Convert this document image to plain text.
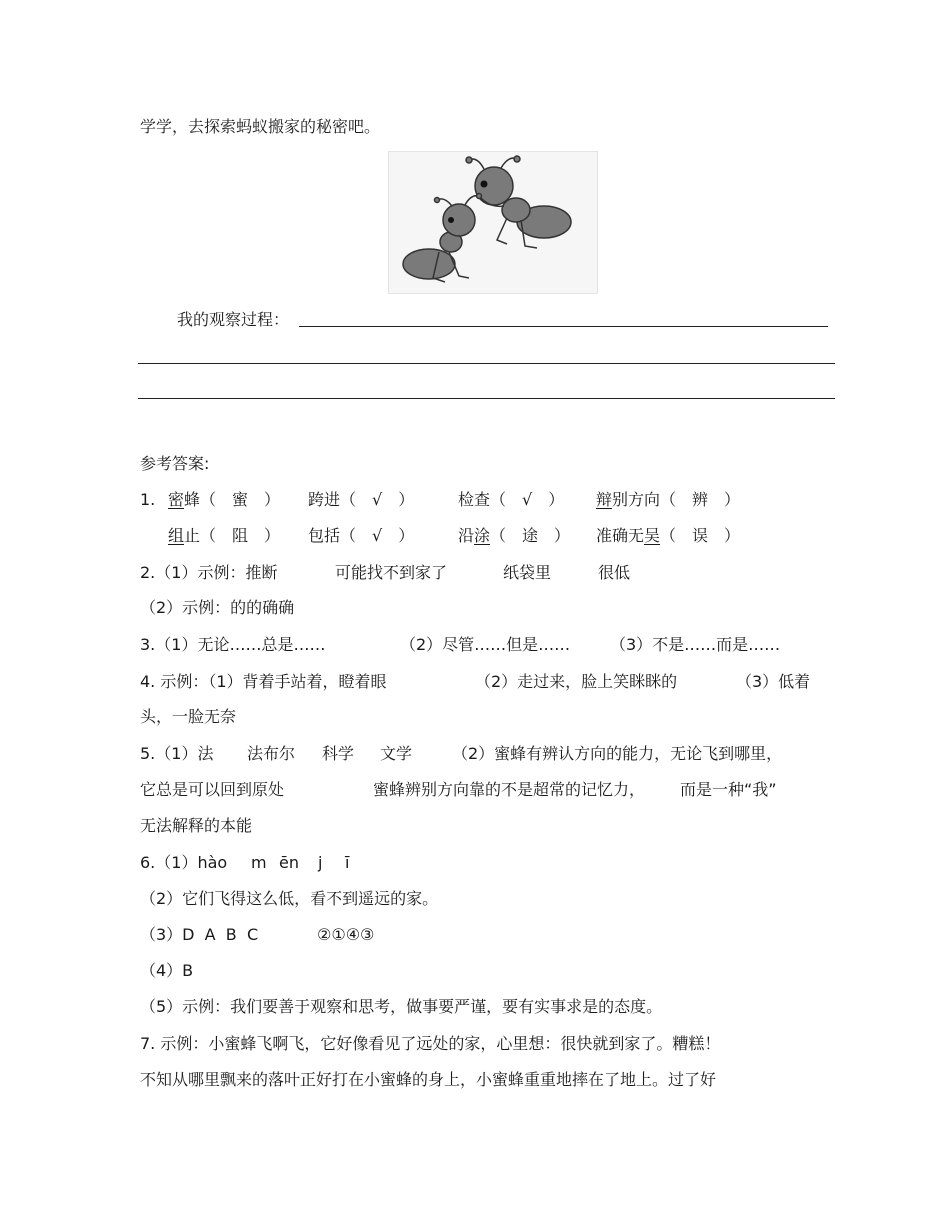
学学，去探索蚂蚁搬家的秘密吧。
我的观察过程：
参考答案:
1. 密蜂（　蜜　） 跨进（　√　）	检查（　√　） 辩别方向（　辨　）
组止（　阻　） 包括（　√　）	沿涂（　途　） 准确无吴（　误　）
2.（1）示例：推断	可能找不到家了	纸袋里	很低
（2）示例：的的确确
3.（1）无论……总是……	（2）尽管……但是…… （3）不是……而是……
4. 示例：（1）背着手站着，瞪着眼	（2）走过来，脸上笑眯眯的	（3）低着
头，一脸无奈
5.（1）法 法布尔 科学 文学 （2）蜜蜂有辨认方向的能力，无论飞到哪里，
它总是可以回到原处	蜜蜂辨别方向靠的不是超常的记忆力， 而是一种“我”
无法解释的本能
6.（1）hào m ēn j ī
（2）它们飞得这么低，看不到遥远的家。
（3）D  A  B  C	②①④③
（4）B
（5）示例：我们要善于观察和思考，做事要严谨，要有实事求是的态度。
7. 示例：小蜜蜂飞啊飞，它好像看见了远处的家，心里想：很快就到家了。糟糕！
不知从哪里飘来的落叶正好打在小蜜蜂的身上，小蜜蜂重重地摔在了地上。过了好
